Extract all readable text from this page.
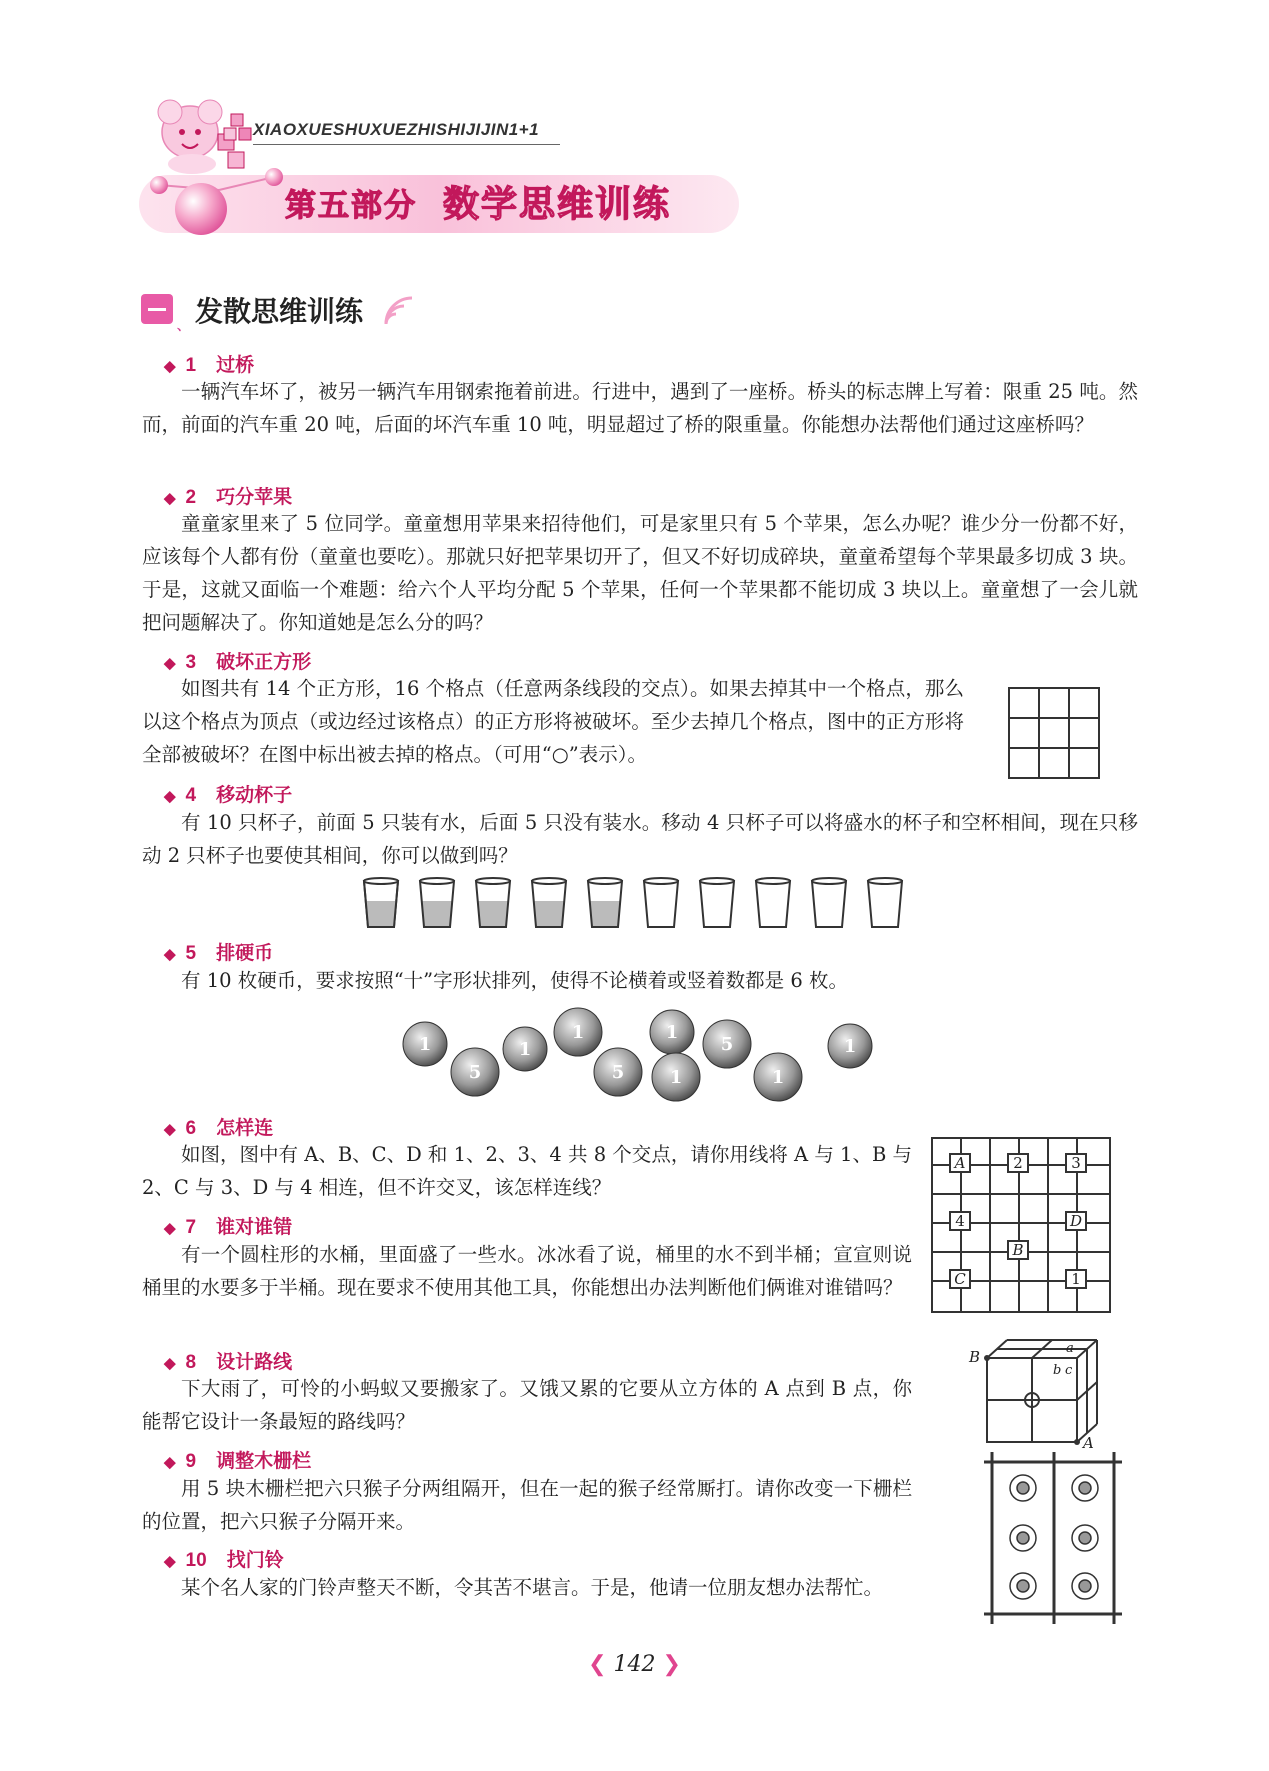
XIAOXUESHUXUEZHISHIJIJIN1+1
第五部分 数学思维训练
、 发散思维训练
◆ 1 过桥

一辆汽车坏了，被另一辆汽车用钢索拖着前进。行进中，遇到了一座桥。桥头的标志牌上写着：限重 25 吨。然而，前面的汽车重 20 吨，后面的坏汽车重 10 吨，明显超过了桥的限重量。你能想办法帮他们通过这座桥吗？

◆ 2 巧分苹果

童童家里来了 5 位同学。童童想用苹果来招待他们，可是家里只有 5 个苹果，怎么办呢？谁少分一份都不好，应该每个人都有份（童童也要吃）。那就只好把苹果切开了，但又不好切成碎块，童童希望每个苹果最多切成 3 块。于是，这就又面临一个难题：给六个人平均分配 5 个苹果，任何一个苹果都不能切成 3 块以上。童童想了一会儿就把问题解决了。你知道她是怎么分的吗？

◆ 3 破坏正方形

如图共有 14 个正方形，16 个格点（任意两条线段的交点）。如果去掉其中一个格点，那么以这个格点为顶点（或边经过该格点）的正方形将被破坏。至少去掉几个格点，图中的正方形将全部被破坏？在图中标出被去掉的格点。（可用“○”表示）。

◆ 4 移动杯子

有 10 只杯子，前面 5 只装有水，后面 5 只没有装水。移动 4 只杯子可以将盛水的杯子和空杯相间，现在只移动 2 只杯子也要使其相间，你可以做到吗？

◆ 5 排硬币

有 10 枚硬币，要求按照“十”字形状排列，使得不论横着或竖着数都是 6 枚。

1
5
1
1
5
1
1
5
1
1
◆ 6 怎样连

如图，图中有 A、B、C、D 和 1、2、3、4 共 8 个交点，请你用线将 A 与 1、B 与 2、C 与 3、D 与 4 相连，但不许交叉，该怎样连线？

A	2	3
4	D
B
C	1
◆ 7 谁对谁错

有一个圆柱形的水桶，里面盛了一些水。冰冰看了说，桶里的水不到半桶；宣宣则说桶里的水要多于半桶。现在要求不使用其他工具，你能想出办法判断他们俩谁对谁错吗？

◆ 8 设计路线

下大雨了，可怜的小蚂蚁又要搬家了。又饿又累的它要从立方体的 A 点到 B 点，你能帮它设计一条最短的路线吗？

B	a
b c
A
◆ 9 调整木栅栏

用 5 块木栅栏把六只猴子分两组隔开，但在一起的猴子经常厮打。请你改变一下栅栏的位置，把六只猴子分隔开来。

◆ 10 找门铃

某个名人家的门铃声整天不断，令其苦不堪言。于是，他请一位朋友想办法帮忙。

❮ 142 ❯
